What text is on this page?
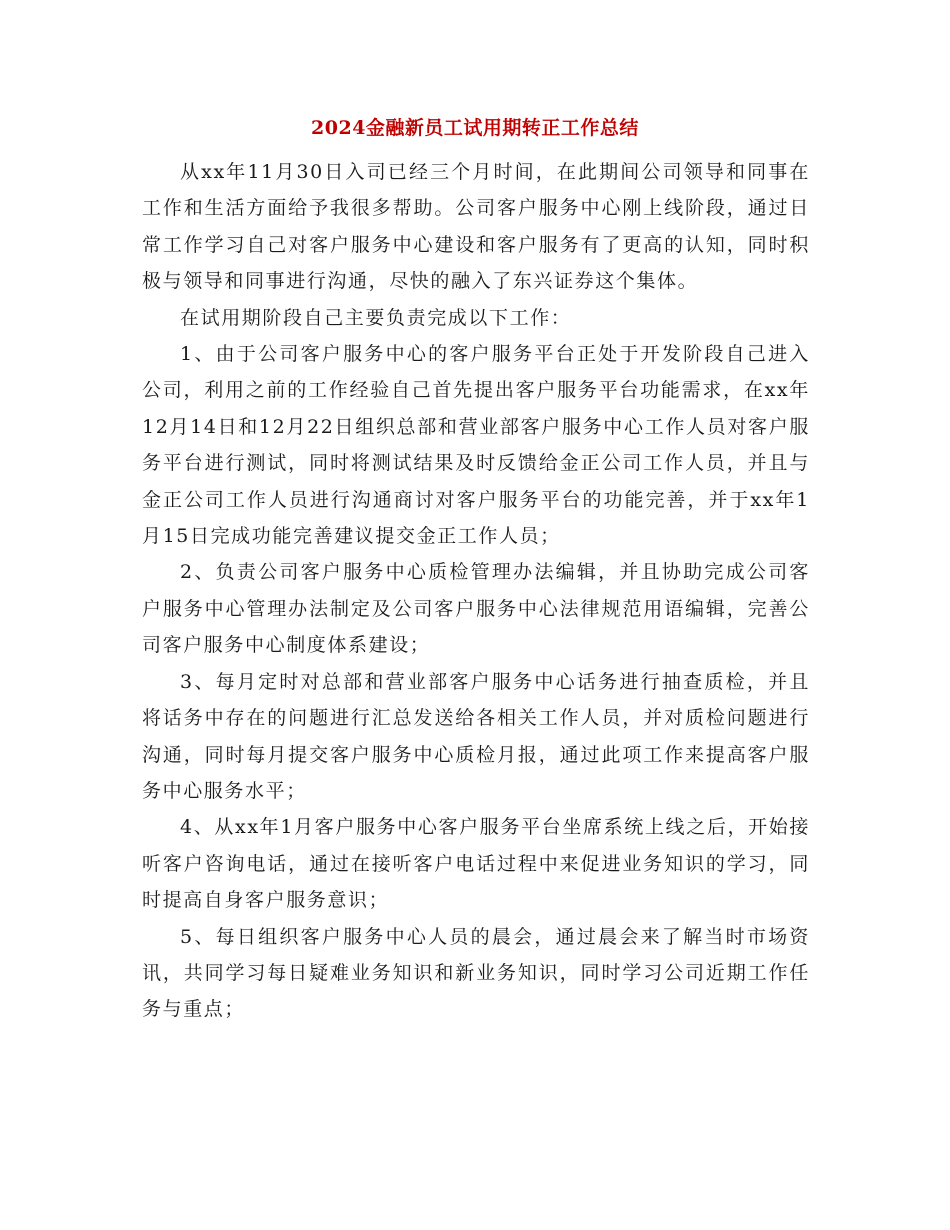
2024金融新员工试用期转正工作总结

从xx年11月30日入司已经三个月时间，在此期间公司领导和同事在工作和生活方面给予我很多帮助。公司客户服务中心刚上线阶段，通过日常工作学习自己对客户服务中心建设和客户服务有了更高的认知，同时积极与领导和同事进行沟通，尽快的融入了东兴证券这个集体。

在试用期阶段自己主要负责完成以下工作：

1、由于公司客户服务中心的客户服务平台正处于开发阶段自己进入公司，利用之前的工作经验自己首先提出客户服务平台功能需求，在xx年12月14日和12月22日组织总部和营业部客户服务中心工作人员对客户服务平台进行测试，同时将测试结果及时反馈给金正公司工作人员，并且与金正公司工作人员进行沟通商讨对客户服务平台的功能完善，并于xx年1月15日完成功能完善建议提交金正工作人员；

2、负责公司客户服务中心质检管理办法编辑，并且协助完成公司客户服务中心管理办法制定及公司客户服务中心法律规范用语编辑，完善公司客户服务中心制度体系建设；

3、每月定时对总部和营业部客户服务中心话务进行抽查质检，并且将话务中存在的问题进行汇总发送给各相关工作人员，并对质检问题进行沟通，同时每月提交客户服务中心质检月报，通过此项工作来提高客户服务中心服务水平；

4、从xx年1月客户服务中心客户服务平台坐席系统上线之后，开始接听客户咨询电话，通过在接听客户电话过程中来促进业务知识的学习，同时提高自身客户服务意识；

5、每日组织客户服务中心人员的晨会，通过晨会来了解当时市场资讯，共同学习每日疑难业务知识和新业务知识，同时学习公司近期工作任务与重点；
